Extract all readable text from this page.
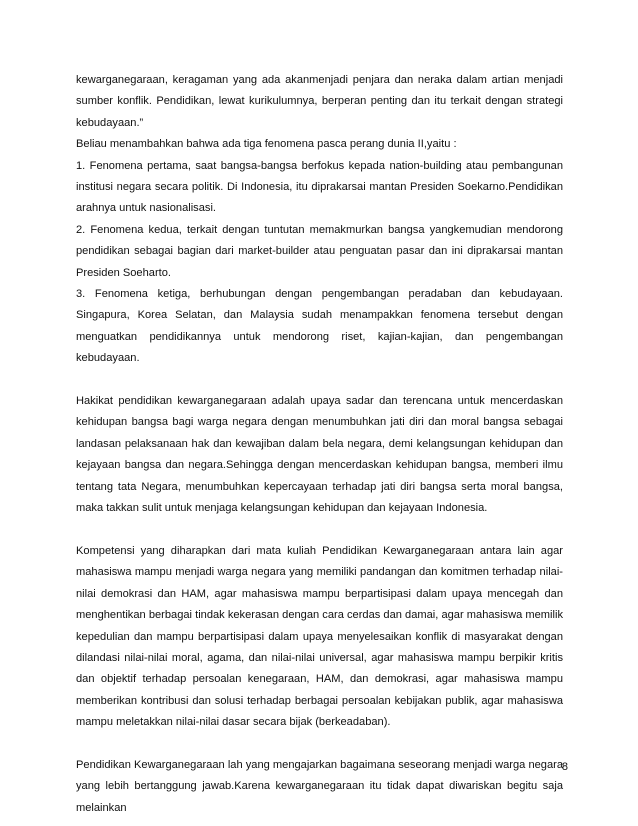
kewarganegaraan, keragaman yang ada akanmenjadi penjara dan neraka dalam artian menjadi sumber konflik. Pendidikan, lewat kurikulumnya, berperan penting dan itu terkait dengan strategi kebudayaan.”

Beliau menambahkan bahwa ada tiga fenomena pasca perang dunia II,yaitu :

1. Fenomena pertama, saat bangsa-bangsa berfokus kepada nation-building atau pembangunan institusi negara secara politik. Di Indonesia, itu diprakarsai mantan Presiden Soekarno.Pendidikan arahnya untuk nasionalisasi.

2. Fenomena kedua, terkait dengan tuntutan memakmurkan bangsa yangkemudian mendorong pendidikan sebagai bagian dari market-builder atau penguatan pasar dan ini diprakarsai mantan Presiden Soeharto.

3. Fenomena ketiga, berhubungan dengan pengembangan peradaban dan kebudayaan. Singapura, Korea Selatan, dan Malaysia sudah menampakkan fenomena tersebut dengan menguatkan pendidikannya untuk mendorong riset, kajian-kajian, dan pengembangan kebudayaan.

Hakikat pendidikan kewarganegaraan adalah upaya sadar dan terencana untuk mencerdaskan kehidupan bangsa bagi warga negara dengan menumbuhkan jati diri dan moral bangsa sebagai landasan pelaksanaan hak dan kewajiban dalam bela negara, demi kelangsungan kehidupan dan kejayaan bangsa dan negara.Sehingga dengan mencerdaskan kehidupan bangsa, memberi ilmu tentang tata Negara, menumbuhkan kepercayaan terhadap jati diri bangsa serta moral bangsa, maka takkan sulit untuk menjaga kelangsungan kehidupan dan kejayaan Indonesia.

Kompetensi yang diharapkan dari mata kuliah Pendidikan Kewarganegaraan antara lain agar mahasiswa mampu menjadi warga negara yang memiliki pandangan dan komitmen terhadap nilai-nilai demokrasi dan HAM, agar mahasiswa mampu berpartisipasi dalam upaya mencegah dan menghentikan berbagai tindak kekerasan dengan cara cerdas dan damai, agar mahasiswa memilik kepedulian dan mampu berpartisipasi dalam upaya menyelesaikan konflik di masyarakat dengan dilandasi nilai-nilai moral, agama, dan nilai-nilai universal, agar mahasiswa mampu berpikir kritis dan objektif terhadap persoalan kenegaraan, HAM, dan demokrasi, agar mahasiswa mampu memberikan kontribusi dan solusi terhadap berbagai persoalan kebijakan publik, agar mahasiswa mampu meletakkan nilai-nilai dasar secara bijak (berkeadaban).

Pendidikan Kewarganegaraan lah yang mengajarkan bagaimana seseorang menjadi warga negara yang lebih bertanggung jawab.Karena kewarganegaraan itu tidak dapat diwariskan begitu saja melainkan

8
